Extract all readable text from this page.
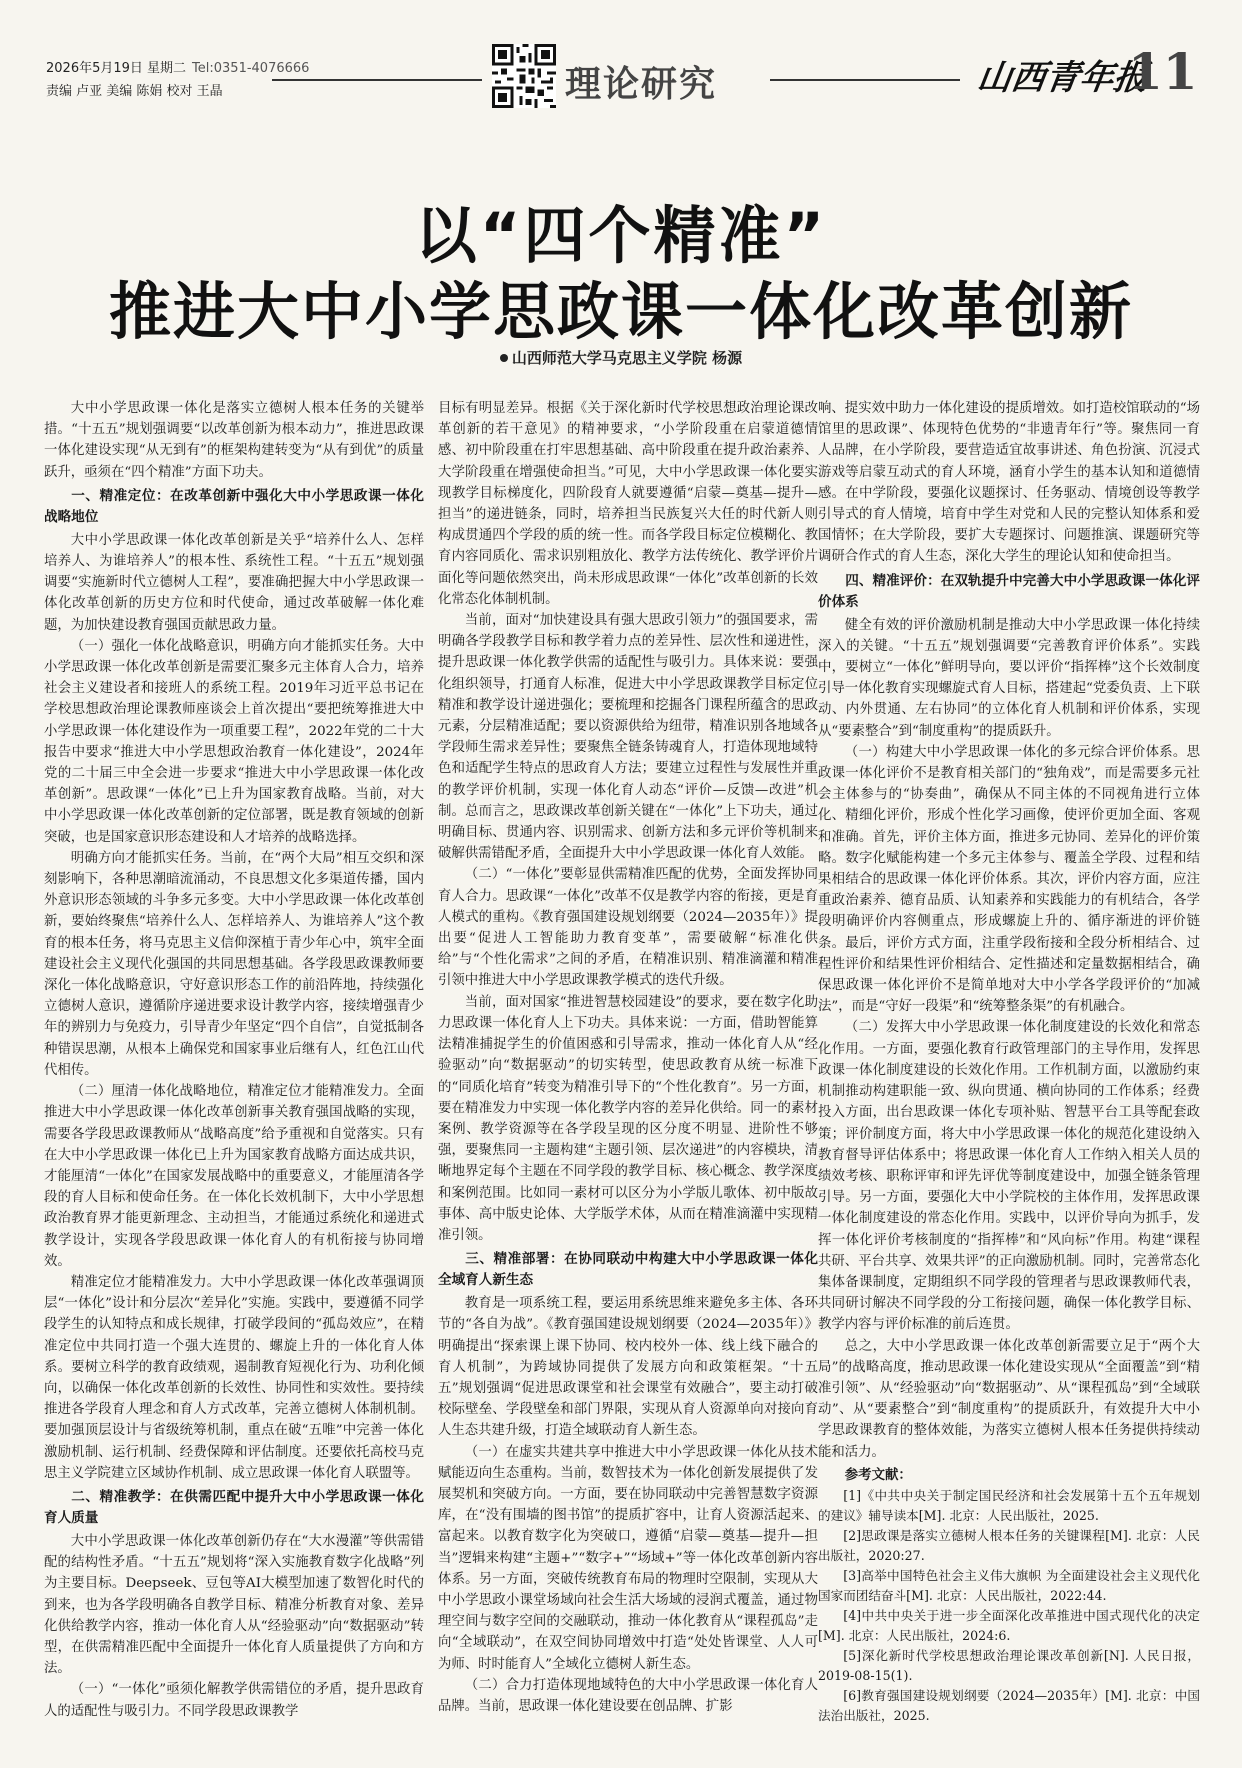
2026年5月19日 星期二 Tel:0351-4076666
责编 卢亚 美编 陈娟 校对 王晶	理论研究	山西青年报
11
以“四个精准”
推进大中小学思政课一体化改革创新
山西师范大学马克思主义学院 杨源

大中小学思政课一体化是落实立德树人根本任务的关键举措。“十五五”规划强调要“以改革创新为根本动力”，推进思政课一体化建设实现“从无到有”的框架构建转变为“从有到优”的质量跃升，亟须在“四个精准”方面下功夫。

一、精准定位：在改革创新中强化大中小学思政课一体化战略地位

大中小学思政课一体化改革创新是关乎“培养什么人、怎样培养人、为谁培养人”的根本性、系统性工程。“十五五”规划强调要“实施新时代立德树人工程”，要准确把握大中小学思政课一体化改革创新的历史方位和时代使命，通过改革破解一体化难题，为加快建设教育强国贡献思政力量。

（一）强化一体化战略意识，明确方向才能抓实任务。大中小学思政课一体化改革创新是需要汇聚多元主体育人合力，培养社会主义建设者和接班人的系统工程。2019年习近平总书记在学校思想政治理论课教师座谈会上首次提出“要把统筹推进大中小学思政课一体化建设作为一项重要工程”，2022年党的二十大报告中要求“推进大中小学思想政治教育一体化建设”，2024年党的二十届三中全会进一步要求“推进大中小学思政课一体化改革创新”。思政课“一体化”已上升为国家教育战略。当前，对大中小学思政课一体化改革创新的定位部署，既是教育领域的创新突破，也是国家意识形态建设和人才培养的战略选择。

明确方向才能抓实任务。当前，在“两个大局”相互交织和深刻影响下，各种思潮暗流涌动，不良思想文化多渠道传播，国内外意识形态领域的斗争多元多变。大中小学思政课一体化改革创新，要始终聚焦“培养什么人、怎样培养人、为谁培养人”这个教育的根本任务，将马克思主义信仰深植于青少年心中，筑牢全面建设社会主义现代化强国的共同思想基础。各学段思政课教师要深化一体化战略意识，守好意识形态工作的前沿阵地，持续强化立德树人意识，遵循阶序递进要求设计教学内容，接续增强青少年的辨别力与免疫力，引导青少年坚定“四个自信”，自觉抵制各种错误思潮，从根本上确保党和国家事业后继有人，红色江山代代相传。

（二）厘清一体化战略地位，精准定位才能精准发力。全面推进大中小学思政课一体化改革创新事关教育强国战略的实现，需要各学段思政课教师从“战略高度”给予重视和自觉落实。只有在大中小学思政课一体化已上升为国家教育战略方面达成共识，才能厘清“一体化”在国家发展战略中的重要意义，才能厘清各学段的育人目标和使命任务。在一体化长效机制下，大中小学思想政治教育界才能更新理念、主动担当，才能通过系统化和递进式教学设计，实现各学段思政课一体化育人的有机衔接与协同增效。

精准定位才能精准发力。大中小学思政课一体化改革强调顶层“一体化”设计和分层次“差异化”实施。实践中，要遵循不同学段学生的认知特点和成长规律，打破学段间的“孤岛效应”，在精准定位中共同打造一个强大连贯的、螺旋上升的一体化育人体系。要树立科学的教育政绩观，遏制教育短视化行为、功利化倾向，以确保一体化改革创新的长效性、协同性和实效性。要持续推进各学段育人理念和育人方式改革，完善立德树人体制机制。要加强顶层设计与省级统筹机制，重点在破“五唯”中完善一体化激励机制、运行机制、经费保障和评估制度。还要依托高校马克思主义学院建立区域协作机制、成立思政课一体化育人联盟等。

二、精准教学：在供需匹配中提升大中小学思政课一体化育人质量

大中小学思政课一体化改革创新仍存在“大水漫灌”等供需错配的结构性矛盾。“十五五”规划将“深入实施教育数字化战略”列为主要目标。Deepseek、豆包等AI大模型加速了数智化时代的到来，也为各学段明确各自教学目标、精准分析教育对象、差异化供给教学内容，推动一体化育人从“经验驱动”向“数据驱动”转型，在供需精准匹配中全面提升一体化育人质量提供了方向和方法。

（一）“一体化”亟须化解教学供需错位的矛盾，提升思政育人的适配性与吸引力。不同学段思政课教学

目标有明显差异。根据《关于深化新时代学校思想政治理论课改革创新的若干意见》的精神要求，“小学阶段重在启蒙道德情感、初中阶段重在打牢思想基础、高中阶段重在提升政治素养、大学阶段重在增强使命担当。”可见，大中小学思政课一体化要实现教学目标梯度化，四阶段育人就要遵循“启蒙—奠基—提升—担当”的递进链条，同时，培养担当民族复兴大任的时代新人则构成贯通四个学段的质的统一性。而各学段目标定位模糊化、教育内容同质化、需求识别粗放化、教学方法传统化、教学评价片面化等问题依然突出，尚未形成思政课“一体化”改革创新的长效化常态化体制机制。

当前，面对“加快建设具有强大思政引领力”的强国要求，需明确各学段教学目标和教学着力点的差异性、层次性和递进性，提升思政课一体化教学供需的适配性与吸引力。具体来说：要强化组织领导，打通育人标准，促进大中小学思政课教学目标定位精准和教学设计递进强化；要梳理和挖掘各门课程所蕴含的思政元素，分层精准适配；要以资源供给为纽带，精准识别各地域各学段师生需求差异性；要聚焦全链条铸魂育人，打造体现地域特色和适配学生特点的思政育人方法；要建立过程性与发展性并重的教学评价机制，实现一体化育人动态“评价—反馈—改进”机制。总而言之，思政课改革创新关键在“一体化”上下功夫，通过明确目标、贯通内容、识别需求、创新方法和多元评价等机制来破解供需错配矛盾，全面提升大中小学思政课一体化育人效能。

（二）“一体化”要彰显供需精准匹配的优势，全面发挥协同育人合力。思政课“一体化”改革不仅是教学内容的衔接，更是育人模式的重构。《教育强国建设规划纲要（2024—2035年）》提出要“促进人工智能助力教育变革”，需要破解“标准化供给”与“个性化需求”之间的矛盾，在精准识别、精准滴灌和精准引领中推进大中小学思政课教学模式的迭代升级。

当前，面对国家“推进智慧校园建设”的要求，要在数字化助力思政课一体化育人上下功夫。具体来说：一方面，借助智能算法精准捕捉学生的价值困惑和引导需求，推动一体化育人从“经验驱动”向“数据驱动”的切实转型，使思政教育从统一标准下的“同质化培育”转变为精准引导下的“个性化教育”。另一方面，要在精准发力中实现一体化教学内容的差异化供给。同一的素材案例、教学资源等在各学段呈现的区分度不明显、进阶性不够强，要聚焦同一主题构建“主题引领、层次递进”的内容模块，清晰地界定每个主题在不同学段的教学目标、核心概念、教学深度和案例范围。比如同一素材可以区分为小学版儿歌体、初中版故事体、高中版史论体、大学版学术体，从而在精准滴灌中实现精准引领。

三、精准部署：在协同联动中构建大中小学思政课一体化全域育人新生态

教育是一项系统工程，要运用系统思维来避免多主体、各环节的“各自为战”。《教育强国建设规划纲要（2024—2035年）》明确提出“探索课上课下协同、校内校外一体、线上线下融合的育人机制”，为跨域协同提供了发展方向和政策框架。“十五五”规划强调“促进思政课堂和社会课堂有效融合”，要主动打破校际壁垒、学段壁垒和部门界限，实现从育人资源单向对接向育人生态共建升级，打造全域联动育人新生态。

（一）在虚实共建共享中推进大中小学思政课一体化从技术赋能迈向生态重构。当前，数智技术为一体化创新发展提供了发展契机和突破方向。一方面，要在协同联动中完善智慧数字资源库，在“没有围墙的图书馆”的提质扩容中，让育人资源活起来、富起来。以教育数字化为突破口，遵循“启蒙—奠基—提升—担当”逻辑来构建“主题+”“数字+”“场域+”等一体化改革创新内容体系。另一方面，突破传统教育布局的物理时空限制，实现从大中小学思政小课堂场域向社会生活大场域的浸润式覆盖，通过物理空间与数字空间的交融联动，推动一体化教育从“课程孤岛”走向“全域联动”，在双空间协同增效中打造“处处皆课堂、人人可为师、时时能育人”全域化立德树人新生态。

（二）合力打造体现地域特色的大中小学思政课一体化育人品牌。当前，思政课一体化建设要在创品牌、扩影

响、提实效中助力一体化建设的提质增效。如打造校馆联动的“场馆里的思政课”、体现特色优势的“非遗青年行”等。聚焦同一育人品牌，在小学阶段，要营造适宜故事讲述、角色扮演、沉浸式游戏等启蒙互动式的育人环境，涵育小学生的基本认知和道德情感。在中学阶段，要强化议题探讨、任务驱动、情境创设等教学引导式的育人情境，培育中学生对党和人民的完整认知体系和爱国情怀；在大学阶段，要扩大专题探讨、问题推演、课题研究等调研合作式的育人生态，深化大学生的理论认知和使命担当。

四、精准评价：在双轨提升中完善大中小学思政课一体化评价体系

健全有效的评价激励机制是推动大中小学思政课一体化持续深入的关键。“十五五”规划强调要“完善教育评价体系”。实践中，要树立“一体化”鲜明导向，要以评价“指挥棒”这个长效制度引导一体化教育实现螺旋式育人目标，搭建起“党委负责、上下联动、内外贯通、左右协同”的立体化育人机制和评价体系，实现从“要素整合”到“制度重构”的提质跃升。

（一）构建大中小学思政课一体化的多元综合评价体系。思政课一体化评价不是教育相关部门的“独角戏”，而是需要多元社会主体参与的“协奏曲”，确保从不同主体的不同视角进行立体化、精细化评价，形成个性化学习画像，使评价更加全面、客观和准确。首先，评价主体方面，推进多元协同、差异化的评价策略。数字化赋能构建一个多元主体参与、覆盖全学段、过程和结果相结合的思政课一体化评价体系。其次，评价内容方面，应注重政治素养、德育品质、认知素养和实践能力的有机结合，各学段明确评价内容侧重点，形成螺旋上升的、循序渐进的评价链条。最后，评价方式方面，注重学段衔接和全段分析相结合、过程性评价和结果性评价相结合、定性描述和定量数据相结合，确保思政课一体化评价不是简单地对大中小学各学段评价的“加减法”，而是“守好一段渠”和“统筹整条渠”的有机融合。

（二）发挥大中小学思政课一体化制度建设的长效化和常态化作用。一方面，要强化教育行政管理部门的主导作用，发挥思政课一体化制度建设的长效化作用。工作机制方面，以激励约束机制推动构建职能一致、纵向贯通、横向协同的工作体系；经费投入方面，出台思政课一体化专项补贴、智慧平台工具等配套政策；评价制度方面，将大中小学思政课一体化的规范化建设纳入教育督导评估体系中；将思政课一体化育人工作纳入相关人员的绩效考核、职称评审和评先评优等制度建设中，加强全链条管理引导。另一方面，要强化大中小学院校的主体作用，发挥思政课一体化制度建设的常态化作用。实践中，以评价导向为抓手，发挥一体化评价考核制度的“指挥棒”和“风向标”作用。构建“课程共研、平台共享、效果共评”的正向激励机制。同时，完善常态化集体备课制度，定期组织不同学段的管理者与思政课教师代表，共同研讨解决不同学段的分工衔接问题，确保一体化教学目标、教学内容与评价标准的前后连贯。

总之，大中小学思政课一体化改革创新需要立足于“两个大局”的战略高度，推动思政课一体化建设实现从“全面覆盖”到“精准引领”、从“经验驱动”向“数据驱动”、从“课程孤岛”到“全域联动”、从“要素整合”到“制度重构”的提质跃升，有效提升大中小学思政课教育的整体效能，为落实立德树人根本任务提供持续动能和活力。

参考文献：

[1]《中共中央关于制定国民经济和社会发展第十五个五年规划的建议》辅导读本[M]. 北京：人民出版社，2025.

[2]思政课是落实立德树人根本任务的关键课程[M]. 北京：人民出版社，2020:27.

[3]高举中国特色社会主义伟大旗帜 为全面建设社会主义现代化国家而团结奋斗[M]. 北京：人民出版社，2022:44.

[4]中共中央关于进一步全面深化改革推进中国式现代化的决定[M]. 北京：人民出版社，2024:6.

[5]深化新时代学校思想政治理论课改革创新[N]. 人民日报，2019-08-15(1).

[6]教育强国建设规划纲要（2024—2035年）[M]. 北京：中国法治出版社，2025.
